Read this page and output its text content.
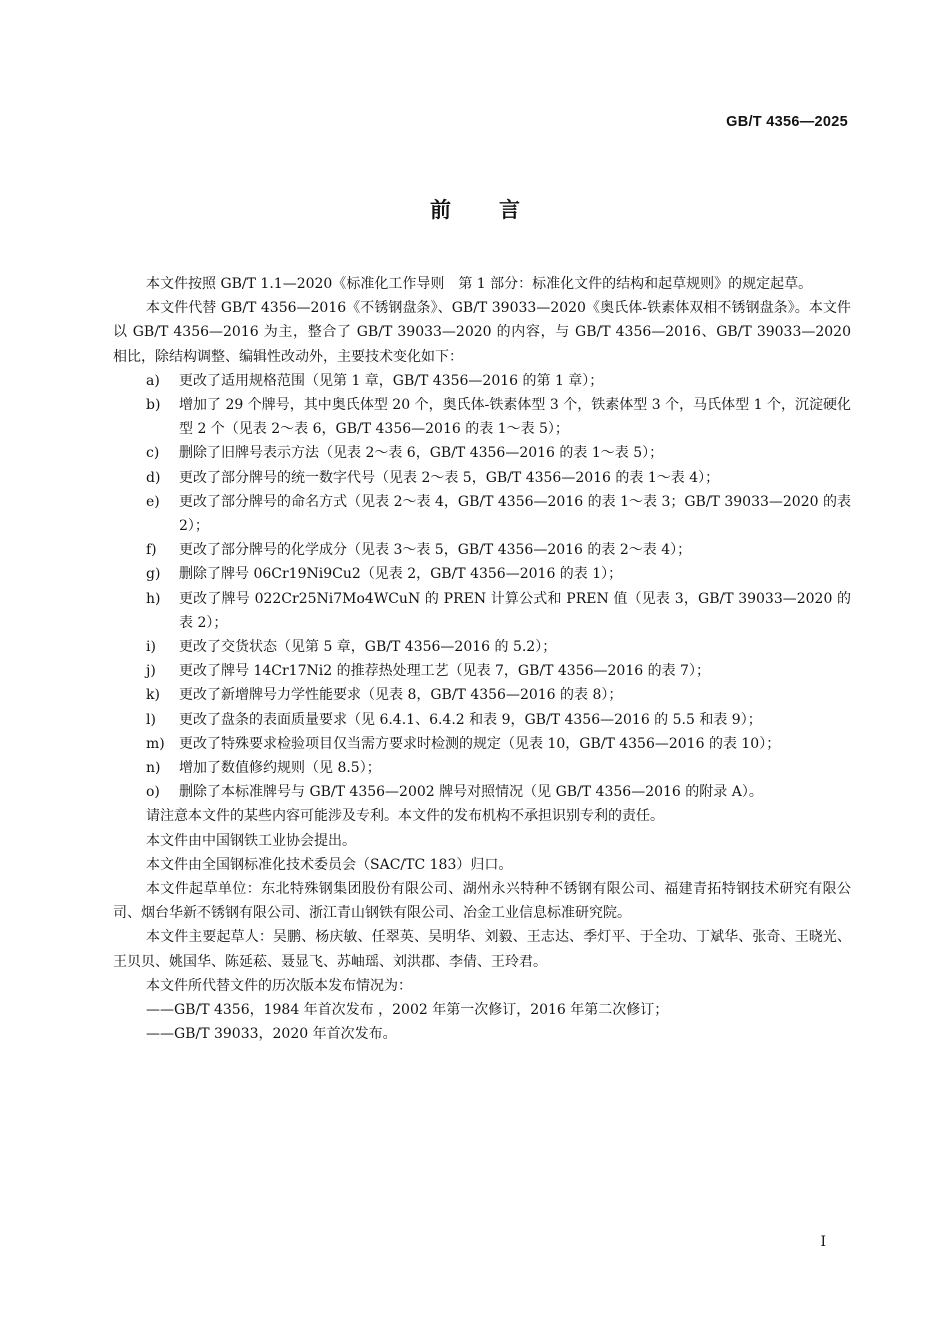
GB/T 4356—2025
前言

本文件按照 GB/T 1.1—2020《标准化工作导则　第 1 部分：标准化文件的结构和起草规则》的规定起草。

本文件代替 GB/T 4356—2016《不锈钢盘条》、GB/T 39033—2020《奥氏体-铁素体双相不锈钢盘条》。本文件以 GB/T 4356—2016 为主，整合了 GB/T 39033—2020 的内容，与 GB/T 4356—2016、GB/T 39033—2020 相比，除结构调整、编辑性改动外，主要技术变化如下：

a) 更改了适用规格范围（见第 1 章，GB/T 4356—2016 的第 1 章）；

b) 增加了 29 个牌号，其中奥氏体型 20 个，奥氏体-铁素体型 3 个，铁素体型 3 个，马氏体型 1 个，沉淀硬化型 2 个（见表 2～表 6，GB/T 4356—2016 的表 1～表 5）；

c) 删除了旧牌号表示方法（见表 2～表 6，GB/T 4356—2016 的表 1～表 5）；

d) 更改了部分牌号的统一数字代号（见表 2～表 5，GB/T 4356—2016 的表 1～表 4）；

e) 更改了部分牌号的命名方式（见表 2～表 4，GB/T 4356—2016 的表 1～表 3；GB/T 39033—2020 的表 2）；

f) 更改了部分牌号的化学成分（见表 3～表 5，GB/T 4356—2016 的表 2～表 4）；

g) 删除了牌号 06Cr19Ni9Cu2（见表 2，GB/T 4356—2016 的表 1）；

h) 更改了牌号 022Cr25Ni7Mo4WCuN 的 PREN 计算公式和 PREN 值（见表 3，GB/T 39033—2020 的表 2）；

i) 更改了交货状态（见第 5 章，GB/T 4356—2016 的 5.2）；

j) 更改了牌号 14Cr17Ni2 的推荐热处理工艺（见表 7，GB/T 4356—2016 的表 7）；

k) 更改了新增牌号力学性能要求（见表 8，GB/T 4356—2016 的表 8）；

l) 更改了盘条的表面质量要求（见 6.4.1、6.4.2 和表 9，GB/T 4356—2016 的 5.5 和表 9）；

m) 更改了特殊要求检验项目仅当需方要求时检测的规定（见表 10，GB/T 4356—2016 的表 10）；

n) 增加了数值修约规则（见 8.5）；

o) 删除了本标准牌号与 GB/T 4356—2002 牌号对照情况（见 GB/T 4356—2016 的附录 A）。

请注意本文件的某些内容可能涉及专利。本文件的发布机构不承担识别专利的责任。

本文件由中国钢铁工业协会提出。

本文件由全国钢标准化技术委员会（SAC/TC 183）归口。

本文件起草单位：东北特殊钢集团股份有限公司、湖州永兴特种不锈钢有限公司、福建青拓特钢技术研究有限公司、烟台华新不锈钢有限公司、浙江青山钢铁有限公司、冶金工业信息标准研究院。

本文件主要起草人：吴鹏、杨庆敏、任翠英、吴明华、刘毅、王志达、季灯平、于全功、丁斌华、张奇、王晓光、王贝贝、姚国华、陈延菘、聂显飞、苏岫瑶、刘洪郡、李倩、王玲君。

本文件所代替文件的历次版本发布情况为：

——GB/T 4356，1984 年首次发布 ，2002 年第一次修订，2016 年第二次修订；

——GB/T 39033，2020 年首次发布。

I
